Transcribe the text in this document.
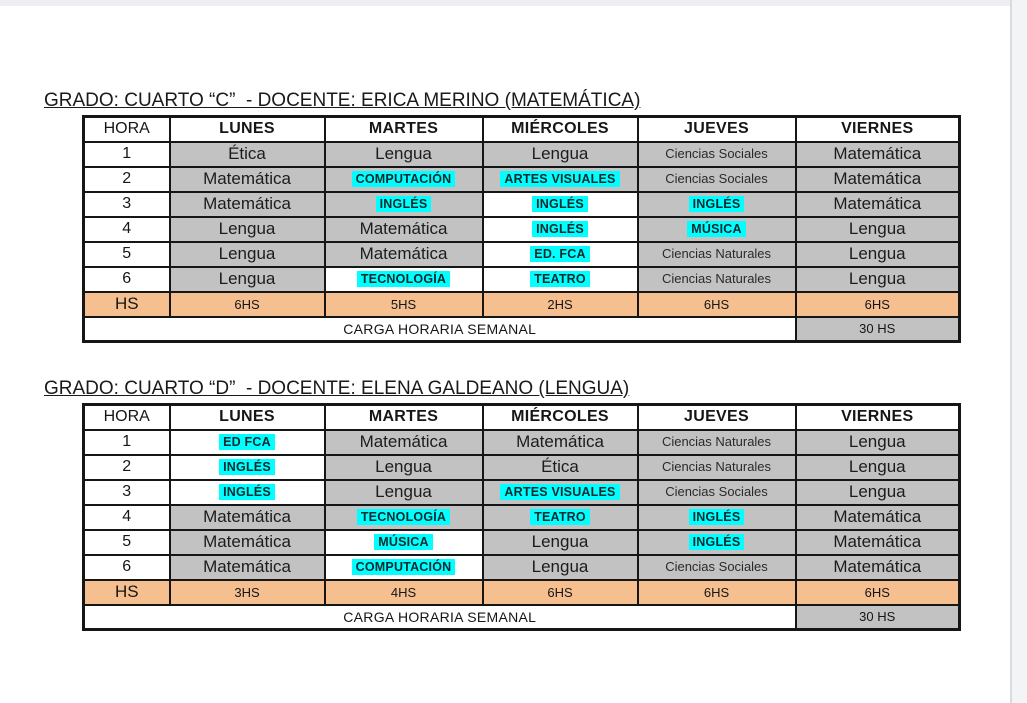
GRADO: CUARTO “C”  - DOCENTE: ERICA MERINO (MATEMÁTICA)
HORA	LUNES	MARTES	MIÉRCOLES	JUEVES	VIERNES
1	Ética	Lengua	Lengua	Ciencias Sociales	Matemática
2	Matemática	COMPUTACIÓN	ARTES VISUALES	Ciencias Sociales	Matemática
3	Matemática	INGLÉS	INGLÉS	INGLÉS	Matemática
4	Lengua	Matemática	INGLÉS	MÚSICA	Lengua
5	Lengua	Matemática	ED. FCA	Ciencias Naturales	Lengua
6	Lengua	TECNOLOGÍA	TEATRO	Ciencias Naturales	Lengua
HS	6HS	5HS	2HS	6HS	6HS
CARGA HORARIA SEMANAL					30 HS
GRADO: CUARTO “D”  - DOCENTE: ELENA GALDEANO (LENGUA)
HORA	LUNES	MARTES	MIÉRCOLES	JUEVES	VIERNES
1	ED FCA	Matemática	Matemática	Ciencias Naturales	Lengua
2	INGLÉS	Lengua	Ética	Ciencias Naturales	Lengua
3	INGLÉS	Lengua	ARTES VISUALES	Ciencias Sociales	Lengua
4	Matemática	TECNOLOGÍA	TEATRO	INGLÉS	Matemática
5	Matemática	MÚSICA	Lengua	INGLÉS	Matemática
6	Matemática	COMPUTACIÓN	Lengua	Ciencias Sociales	Matemática
HS	3HS	4HS	6HS	6HS	6HS
CARGA HORARIA SEMANAL					30 HS
